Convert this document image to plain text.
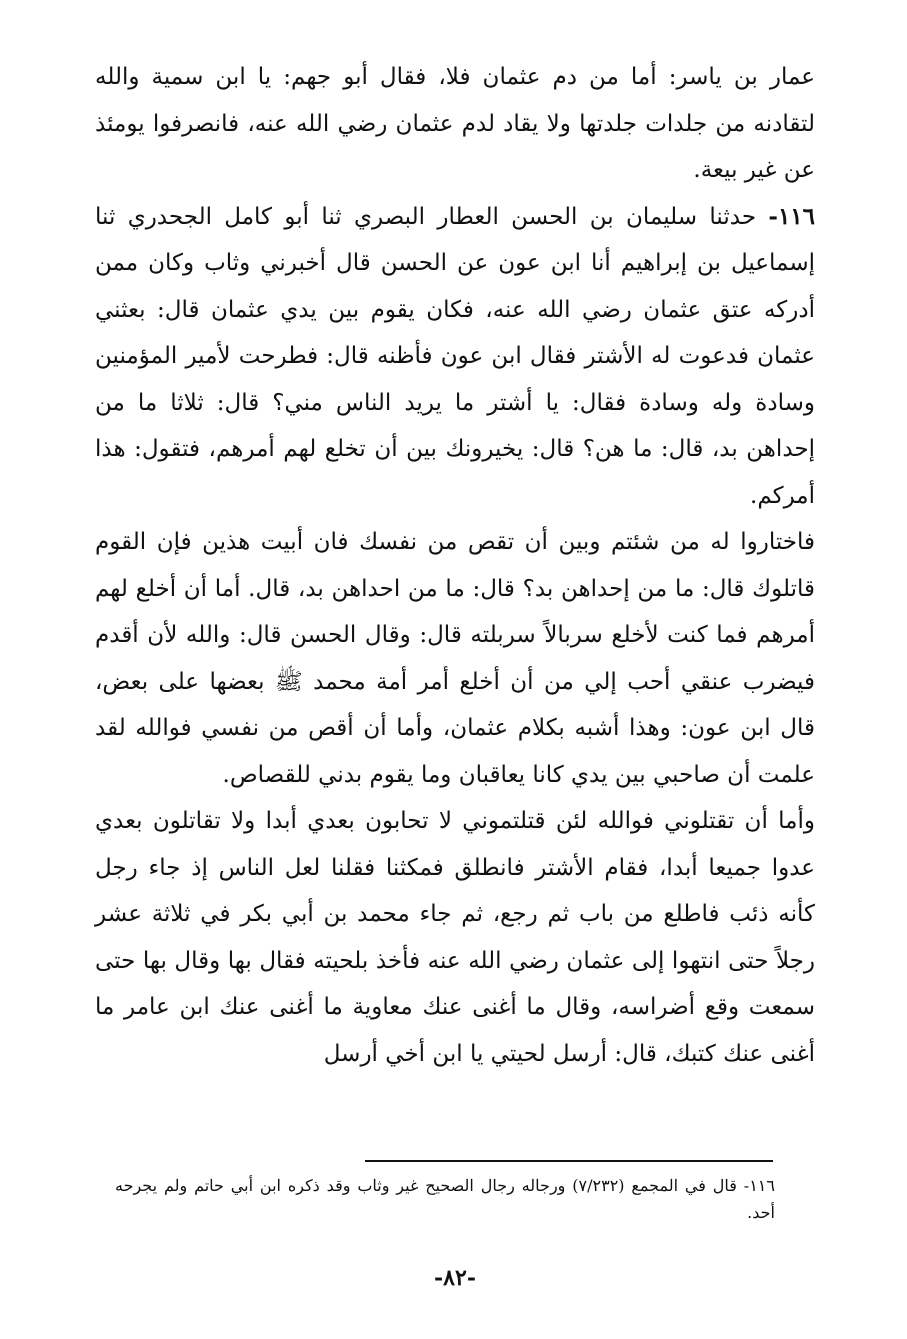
عمار بن ياسر: أما من دم عثمان فلا، فقال أبو جهم: يا ابن سمية والله لتقادنه من جلدات جلدتها ولا يقاد لدم عثمان رضي الله عنه، فانصرفوا يومئذ عن غير بيعة.

١١٦- حدثنا سليمان بن الحسن العطار البصري ثنا أبو كامل الجحدري ثنا إسماعيل بن إبراهيم أنا ابن عون عن الحسن قال أخبرني وثاب وكان ممن أدركه عتق عثمان رضي الله عنه، فكان يقوم بين يدي عثمان قال: بعثني عثمان فدعوت له الأشتر فقال ابن عون فأظنه قال: فطرحت لأمير المؤمنين وسادة وله وسادة فقال: يا أشتر ما يريد الناس مني؟ قال: ثلاثا ما من إحداهن بد، قال: ما هن؟ قال: يخيرونك بين أن تخلع لهم أمرهم، فتقول: هذا أمركم.

فاختاروا له من شئتم وبين أن تقص من نفسك فان أبيت هذين فإن القوم قاتلوك قال: ما من إحداهن بد؟ قال: ما من احداهن بد، قال. أما أن أخلع لهم أمرهم فما كنت لأخلع سربالاً سربلته قال: وقال الحسن قال: والله لأن أقدم فيضرب عنقي أحب إلي من أن أخلع أمر أمة محمد ﷺ بعضها على بعض، قال ابن عون: وهذا أشبه بكلام عثمان، وأما أن أقص من نفسي فوالله لقد علمت أن صاحبي بين يدي كانا يعاقبان وما يقوم بدني للقصاص.

وأما أن تقتلوني فوالله لئن قتلتموني لا تحابون بعدي أبدا ولا تقاتلون بعدي عدوا جميعا أبدا، فقام الأشتر فانطلق فمكثنا فقلنا لعل الناس إذ جاء رجل كأنه ذئب فاطلع من باب ثم رجع، ثم جاء محمد بن أبي بكر في ثلاثة عشر رجلاً حتى انتهوا إلى عثمان رضي الله عنه فأخذ بلحيته فقال بها وقال بها حتى سمعت وقع أضراسه، وقال ما أغنى عنك معاوية ما أغنى عنك ابن عامر ما أغنى عنك كتبك، قال: أرسل لحيتي يا ابن أخي أرسل

١١٦- قال في المجمع (٧/٢٣٢) ورجاله رجال الصحيح غير وثاب وقد ذكره ابن أبي حاتم ولم يجرحه أحد.
-٨٢-
